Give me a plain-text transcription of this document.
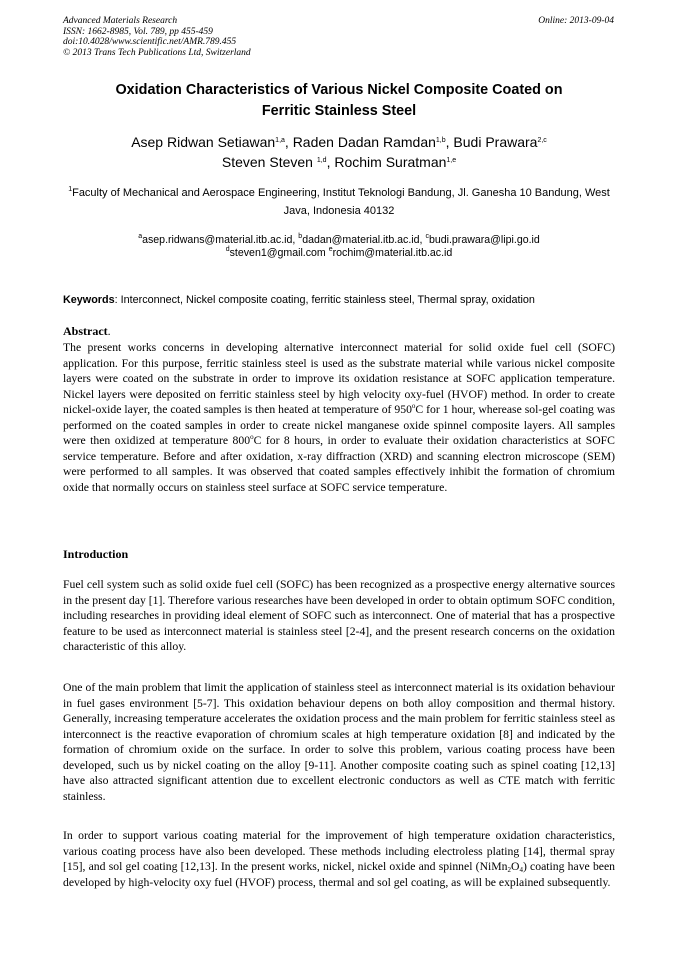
Advanced Materials Research
ISSN: 1662-8985, Vol. 789, pp 455-459
doi:10.4028/www.scientific.net/AMR.789.455
© 2013 Trans Tech Publications Ltd, Switzerland
Online: 2013-09-04
Oxidation Characteristics of Various Nickel Composite Coated on
Ferritic Stainless Steel
Asep Ridwan Setiawan$^{1,a}$, Raden Dadan Ramdan$^{1,b}$, Budi Prawara$^{2,c}$
Steven Steven $^{1,d}$, Rochim Suratman$^{1,e}$
$^1$Faculty of Mechanical and Aerospace Engineering, Institut Teknologi Bandung, Jl. Ganesha 10 Bandung, West Java, Indonesia 40132
$^a$asep.ridwans@material.itb.ac.id, $^b$dadan@material.itb.ac.id, $^c$budi.prawara@lipi.go.id
$^d$steven1@gmail.com $^e$rochim@material.itb.ac.id
Keywords: Interconnect, Nickel composite coating, ferritic stainless steel, Thermal spray, oxidation
Abstract.
The present works concerns in developing alternative interconnect material for solid oxide fuel cell (SOFC) application. For this purpose, ferritic stainless steel is used as the substrate material while various nickel composite layers were coated on the substrate in order to improve its oxidation resistance at SOFC application temperature. Nickel layers were deposited on ferritic stainless steel by high velocity oxy-fuel (HVOF) method. In order to create nickel-oxide layer, the coated samples is then heated at temperature of 950$^o$C for 1 hour, wherease sol-gel coating was performed on the coated samples in order to create nickel manganese oxide spinnel composite layers. All samples were then oxidized at temperature 800$^o$C for 8 hours, in order to evaluate their oxidation characteristics at SOFC service temperature. Before and after oxidation, x-ray diffraction (XRD) and scanning electron microscope (SEM) were performed to all samples. It was observed that coated samples effectively inhibit the formation of chromium oxide that normally occurs on stainless steel surface at SOFC service temperature.
Introduction

Fuel cell system such as solid oxide fuel cell (SOFC) has been recognized as a prospective energy alternative sources in the present day [1]. Therefore various researches have been developed in order to obtain optimum SOFC condition, including researches in providing ideal element of SOFC such as interconnect. One of material that has a prospective feature to be used as interconnect material is stainless steel [2-4], and the present research concerns on the oxidation characteristic of this alloy.

One of the main problem that limit the application of stainless steel as interconnect material is its oxidation behaviour in fuel gases environment [5-7]. This oxidation behaviour depens on both alloy composition and thermal history. Generally, increasing temperature accelerates the oxidation process and the main problem for ferritic stainless steel as interconnect is the reactive evaporation of chromium scales at high temperature oxidation [8] and indicated by the formation of chromium oxide on the surface. In order to solve this problem, various coating process have been developed, such us by nickel coating on the alloy [9-11]. Another composite coating such as spinel coating [12,13] have also attracted significant attention due to excellent electronic conductors as well as CTE match with ferritic stainless.

In order to support various coating material for the improvement of high temperature oxidation characteristics, various coating process have also been developed. These methods including electroless plating [14], thermal spray [15], and sol gel coating [12,13]. In the present works, nickel, nickel oxide and spinnel $(NiMn_2O_4)$ coating have been developed by high-velocity oxy fuel (HVOF) process, thermal and sol gel coating, as will be explained subsequently.
